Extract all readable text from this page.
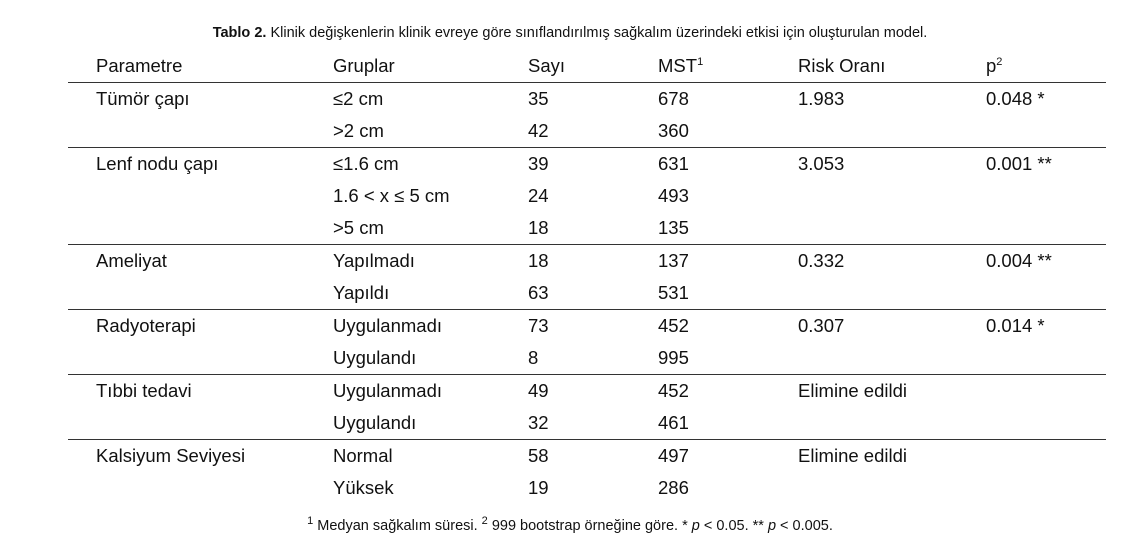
Tablo 2. Klinik değişkenlerin klinik evreye göre sınıflandırılmış sağkalım üzerindeki etkisi için oluşturulan model.
Parametre	Gruplar	Sayı	MST$^1$	Risk Oranı	$p^2$
Tümör çapı	≤2 cm	35	678	1.983	0.048 *
	>2 cm	42	360		
Lenf nodu çapı	≤1.6 cm	39	631	3.053	0.001 **
	1.6 < x ≤ 5 cm	24	493		
	>5 cm	18	135		
Ameliyat	Yapılmadı	18	137	0.332	0.004 **
	Yapıldı	63	531		
Radyoterapi	Uygulanmadı	73	452	0.307	0.014 *
	Uygulandı	8	995		
Tıbbi tedavi	Uygulanmadı	49	452	Elimine edildi	
	Uygulandı	32	461		
Kalsiyum Seviyesi	Normal	58	497	Elimine edildi	
	Yüksek	19	286		
$^1$ Medyan sağkalım süresi. $^2$ 999 bootstrap örneğine göre. * p < 0.05. ** p < 0.005.
